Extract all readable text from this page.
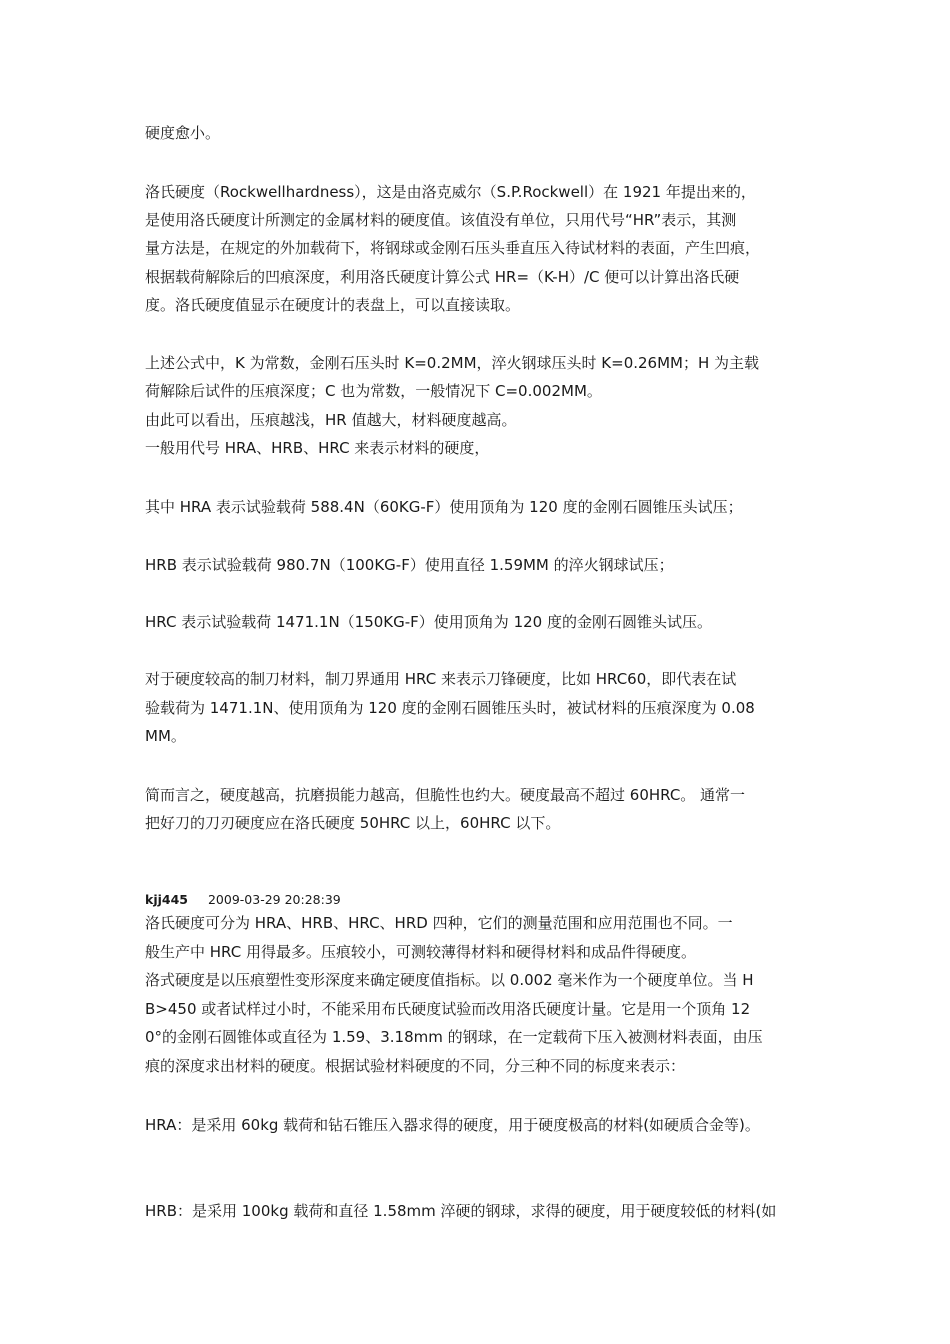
硬度愈小。
洛氏硬度（Rockwellhardness），这是由洛克威尔（S.P.Rockwell）在 1921 年提出来的，
是使用洛氏硬度计所测定的金属材料的硬度值。该值没有单位，只用代号“HR”表示，其测
量方法是，在规定的外加载荷下，将钢球或金刚石压头垂直压入待试材料的表面，产生凹痕，
根据载荷解除后的凹痕深度，利用洛氏硬度计算公式 HR=（K-H）/C 便可以计算出洛氏硬
度。洛氏硬度值显示在硬度计的表盘上，可以直接读取。
上述公式中，K 为常数，金刚石压头时 K=0.2MM，淬火钢球压头时 K=0.26MM；H 为主载
荷解除后试件的压痕深度；C 也为常数，一般情况下 C=0.002MM。
由此可以看出，压痕越浅，HR 值越大，材料硬度越高。
一般用代号 HRA、HRB、HRC 来表示材料的硬度，
其中 HRA 表示试验载荷 588.4N（60KG-F）使用顶角为 120 度的金刚石圆锥压头试压；
HRB 表示试验载荷 980.7N（100KG-F）使用直径 1.59MM 的淬火钢球试压；
HRC 表示试验载荷 1471.1N（150KG-F）使用顶角为 120 度的金刚石圆锥头试压。
对于硬度较高的制刀材料，制刀界通用 HRC 来表示刀锋硬度，比如 HRC60，即代表在试
验载荷为 1471.1N、使用顶角为 120 度的金刚石圆锥压头时，被试材料的压痕深度为 0.08
MM。
简而言之，硬度越高，抗磨损能力越高，但脆性也约大。硬度最高不超过 60HRC。 通常一
把好刀的刀刃硬度应在洛氏硬度 50HRC 以上，60HRC 以下。
kjj445 2009-03-29 20:28:39
洛氏硬度可分为 HRA、HRB、HRC、HRD 四种，它们的测量范围和应用范围也不同。一
般生产中 HRC 用得最多。压痕较小，可测较薄得材料和硬得材料和成品件得硬度。
洛式硬度是以压痕塑性变形深度来确定硬度值指标。以 0.002 毫米作为一个硬度单位。当 H
B>450 或者试样过小时，不能采用布氏硬度试验而改用洛氏硬度计量。它是用一个顶角 12
0°的金刚石圆锥体或直径为 1.59、3.18mm 的钢球，在一定载荷下压入被测材料表面，由压
痕的深度求出材料的硬度。根据试验材料硬度的不同，分三种不同的标度来表示：
HRA：是采用 60kg 载荷和钻石锥压入器求得的硬度，用于硬度极高的材料(如硬质合金等)。
HRB：是采用 100kg 载荷和直径 1.58mm 淬硬的钢球，求得的硬度，用于硬度较低的材料(如
